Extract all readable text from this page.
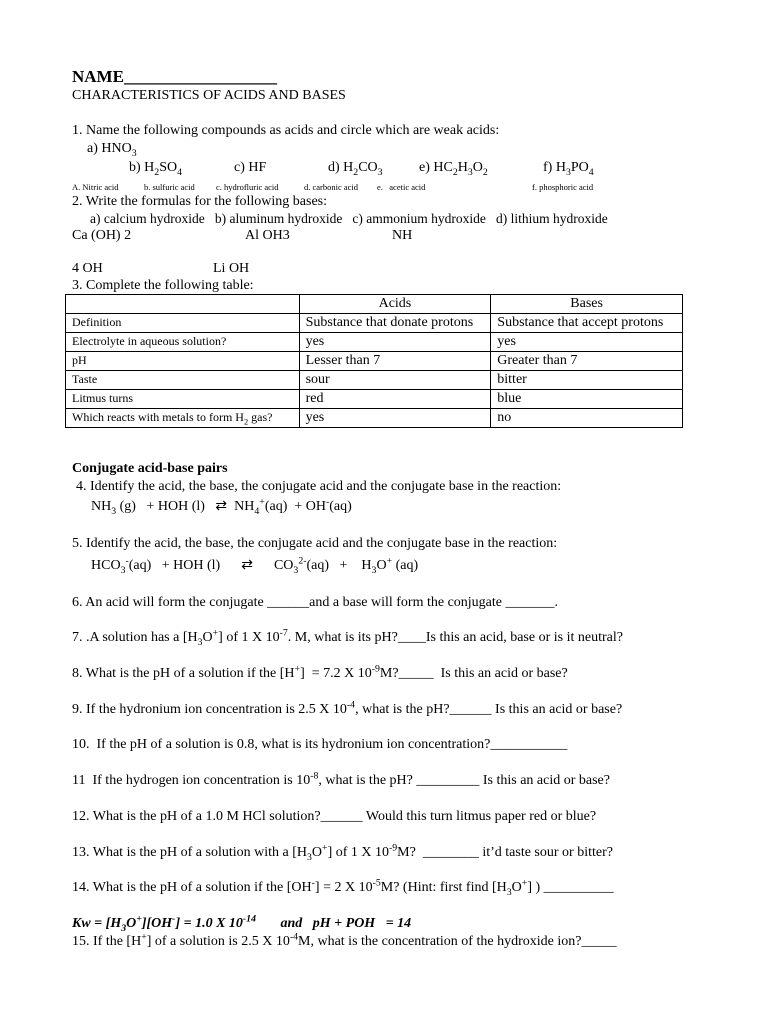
NAME__________________
CHARACTERISTICS OF ACIDS AND BASES
1. Name the following compounds as acids and circle which are weak acids:
a) $HNO_3$
b) $H_2SO_4$	c) HF	d) $H_2CO_3$	e) $HC_2H_3O_2$	f) $H_3PO_4$
A. Nitric acid	b. sulfuric acid	c. hydrofluric acid	d. carbonic acid e.   acetic acid	f. phosphoric acid
2. Write the formulas for the following bases:
a) calcium hydroxide   b) aluminum hydroxide   c) ammonium hydroxide   d) lithium hydroxide
Ca (OH) 2	Al OH3	NH
4 OH	Li OH
3. Complete the following table:
	Acids	Bases
Definition	Substance that donate protons	Substance that accept protons
Electrolyte in aqueous solution?	yes	yes
pH	Lesser than 7	Greater than 7
Taste	sour	bitter
Litmus turns	red	blue
Which reacts with metals to form $H_2$ gas?	yes	no
Conjugate acid-base pairs
4. Identify the acid, the base, the conjugate acid and the conjugate base in the reaction:
$NH_3$ (g)   + HOH (l)   ⇄  $NH_4^+(aq) + OH^-(aq)$
5. Identify the acid, the base, the conjugate acid and the conjugate base in the reaction:
$HCO_3^-(aq)$   + HOH (l)      ⇄      $CO_3^{2-}(aq)$   +    $H_3O^+$ (aq)
6. An acid will form the conjugate ______and a base will form the conjugate _______.
7. .A solution has a $[H_3O^+]$ of 1 X $10^{-7}$. M, what is its pH?____Is this an acid, base or is it neutral?
8. What is the pH of a solution if the [H+]  = 7.2 X $10^{-9}M?\_\_\_\_\_$  Is this an acid or base?
9. If the hydronium ion concentration is 2.5 X $10^{-4}$, what is the pH?______ Is this an acid or base?
10.  If the pH of a solution is 0.8, what is its hydronium ion concentration?___________
11  If the hydrogen ion concentration is $10^{-8}$, what is the pH? _________ Is this an acid or base?
12. What is the pH of a 1.0 M HCl solution?______ Would this turn litmus paper red or blue?
13. What is the pH of a solution with a $[H_3O^+]$ of 1 X $10^{-9}M$?  ________ it’d taste sour or bitter?
14. What is the pH of a solution if the [OH-] = 2 X $10^{-5}M$? (Hint: first find $[H_3O^+]$ ) __________
$Kw = [H_3O^+][OH^-] = 1.0$ X $10^{-14}$       and   pH + POH   = 14
15. If the [H+] of a solution is 2.5 X $10^{-4}M$, what is the concentration of the hydroxide ion?_____
